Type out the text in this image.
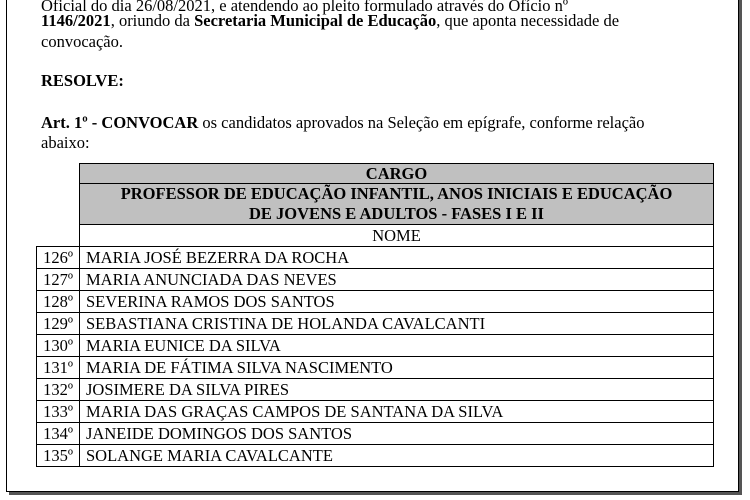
Oficial do dia 26/08/2021, e atendendo ao pleito formulado através do Ofício nº
1146/2021, oriundo da Secretaria Municipal de Educação, que aponta necessidade de
convocação.
RESOLVE:
Art. 1º - CONVOCAR os candidatos aprovados na Seleção em epígrafe, conforme relação
abaixo:
	CARGO

	PROFESSOR DE EDUCAÇÃO INFANTIL, ANOS INICIAIS E EDUCAÇÃO
DE JOVENS E ADULTOS - FASES I E II

	NOME
126º	MARIA JOSÉ BEZERRA DA ROCHA
127º	MARIA ANUNCIADA DAS NEVES
128º	SEVERINA RAMOS DOS SANTOS
129º	SEBASTIANA CRISTINA DE HOLANDA CAVALCANTI
130º	MARIA EUNICE DA SILVA
131º	MARIA DE FÁTIMA SILVA NASCIMENTO
132º	JOSIMERE DA SILVA PIRES
133º	MARIA DAS GRAÇAS CAMPOS DE SANTANA DA SILVA
134º	JANEIDE DOMINGOS DOS SANTOS
135º	SOLANGE MARIA CAVALCANTE
